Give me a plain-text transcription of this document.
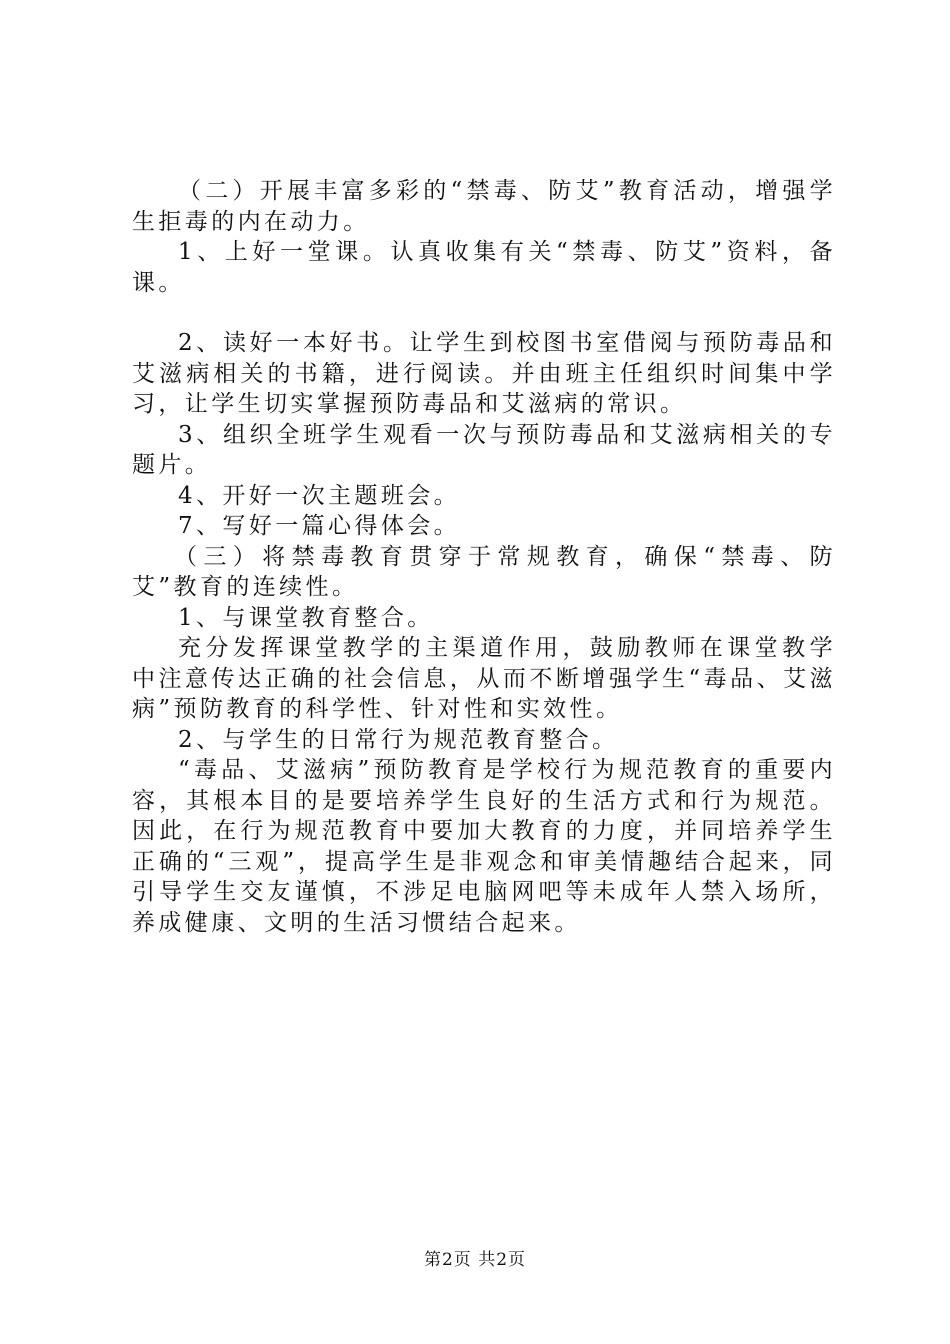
（二）开展丰富多彩的“禁毒、防艾”教育活动，增强学生拒毒的内在动力。

1、上好一堂课。认真收集有关“禁毒、防艾”资料，备课。

2、读好一本好书。让学生到校图书室借阅与预防毒品和艾滋病相关的书籍，进行阅读。并由班主任组织时间集中学习，让学生切实掌握预防毒品和艾滋病的常识。

3、组织全班学生观看一次与预防毒品和艾滋病相关的专题片。

4、开好一次主题班会。

7、写好一篇心得体会。

（三）将禁毒教育贯穿于常规教育，确保“禁毒、防艾”教育的连续性。

1、与课堂教育整合。

充分发挥课堂教学的主渠道作用，鼓励教师在课堂教学中注意传达正确的社会信息，从而不断增强学生“毒品、艾滋病”预防教育的科学性、针对性和实效性。

2、与学生的日常行为规范教育整合。

“毒品、艾滋病”预防教育是学校行为规范教育的重要内容，其根本目的是要培养学生良好的生活方式和行为规范。因此，在行为规范教育中要加大教育的力度，并同培养学生正确的“三观”，提高学生是非观念和审美情趣结合起来，同引导学生交友谨慎，不涉足电脑网吧等未成年人禁入场所，养成健康、文明的生活习惯结合起来。

第2页 共2页
